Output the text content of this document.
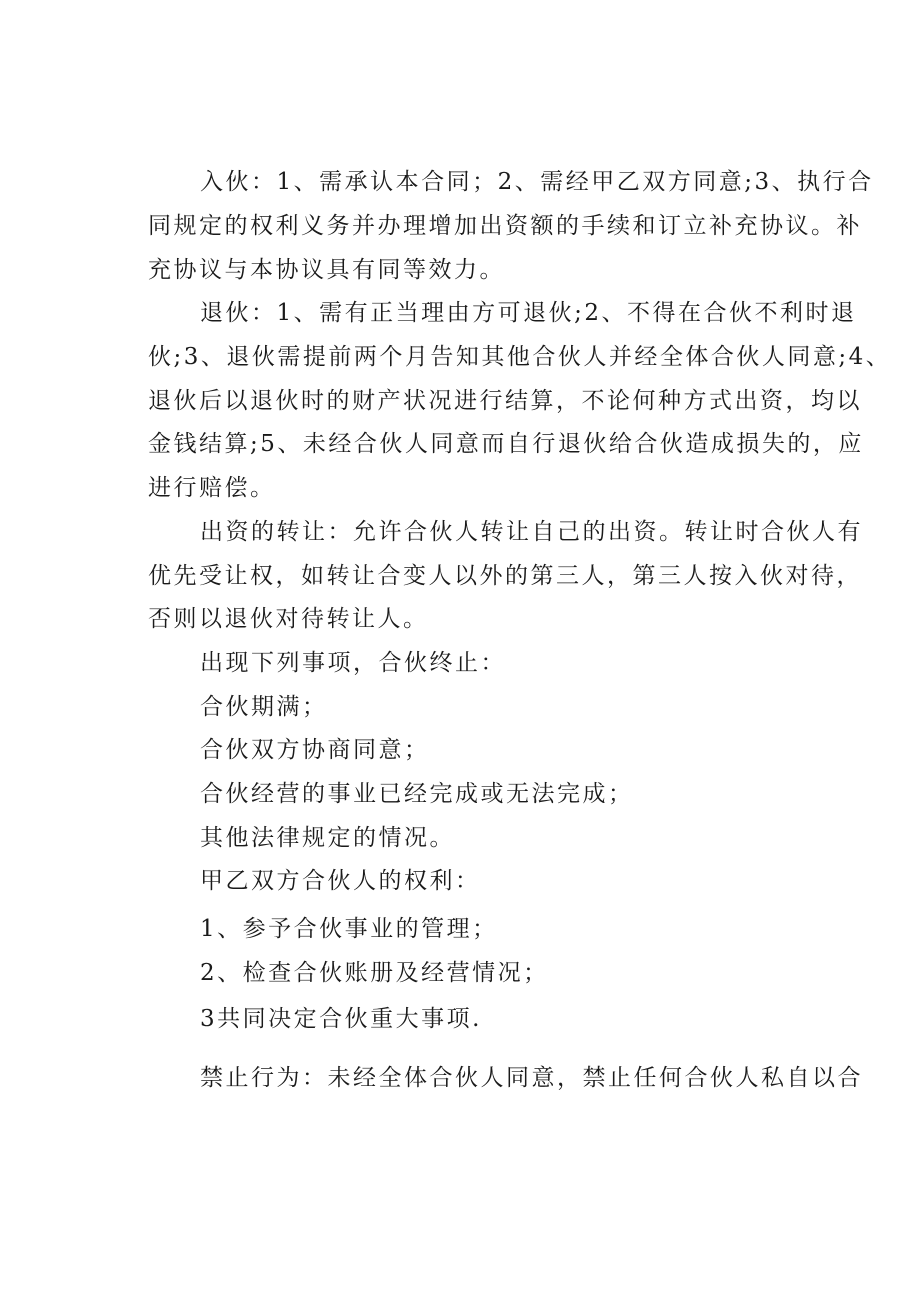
入伙：1、需承认本合同；2、需经甲乙双方同意;3、执行合
同规定的权利义务并办理增加出资额的手续和订立补充协议。补
充协议与本协议具有同等效力。
退伙：1、需有正当理由方可退伙;2、不得在合伙不利时退
伙;3、退伙需提前两个月告知其他合伙人并经全体合伙人同意;4、
退伙后以退伙时的财产状况进行结算，不论何种方式出资，均以
金钱结算;5、未经合伙人同意而自行退伙给合伙造成损失的，应
进行赔偿。
出资的转让：允许合伙人转让自己的出资。转让时合伙人有
优先受让权，如转让合变人以外的第三人，第三人按入伙对待，
否则以退伙对待转让人。
出现下列事项，合伙终止：
合伙期满；
合伙双方协商同意；
合伙经营的事业已经完成或无法完成；
其他法律规定的情况。
甲乙双方合伙人的权利：
1、参予合伙事业的管理；
2、检查合伙账册及经营情况；
3共同决定合伙重大事项.
禁止行为：未经全体合伙人同意，禁止任何合伙人私自以合
